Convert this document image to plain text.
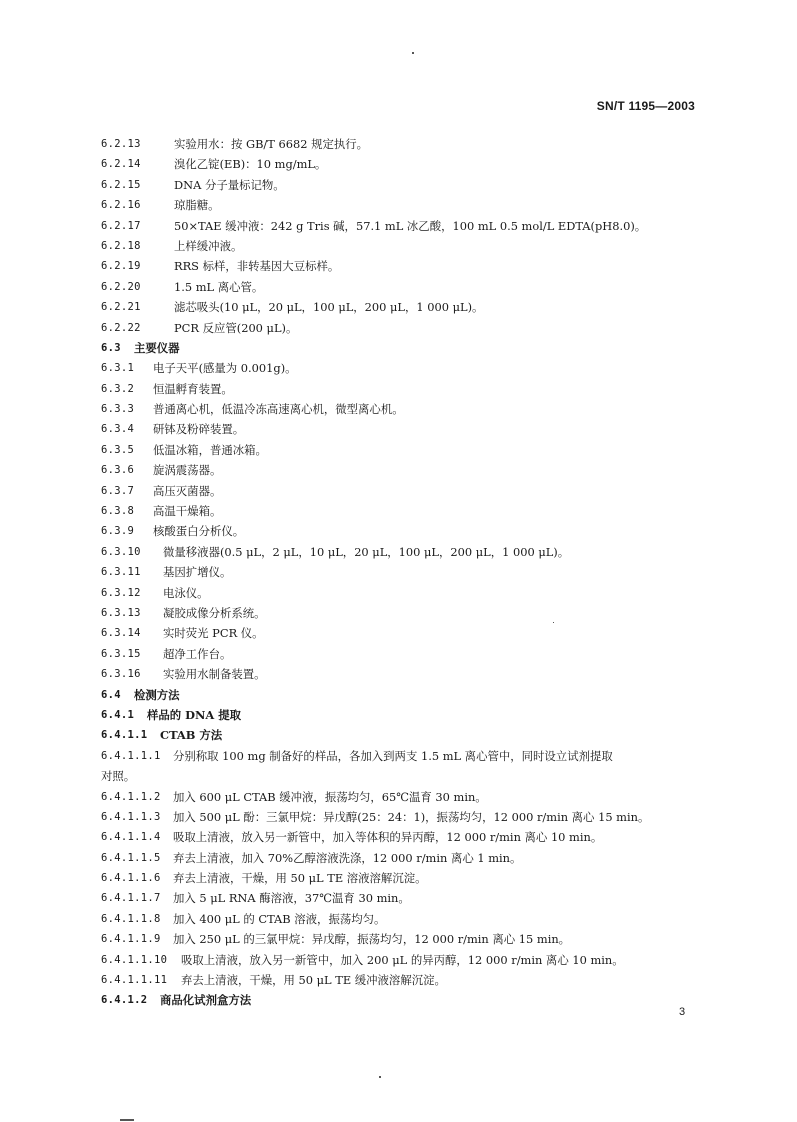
SN/T 1195—2003
6.2.13	实验用水：按 GB/T 6682 规定执行。
6.2.14	溴化乙锭(EB)：10 mg/mL。
6.2.15	DNA 分子量标记物。
6.2.16	琼脂糖。
6.2.17	50×TAE 缓冲液：242 g Tris 碱，57.1 mL 冰乙酸，100 mL 0.5 mol/L EDTA(pH8.0)。
6.2.18	上样缓冲液。
6.2.19	RRS 标样，非转基因大豆标样。
6.2.20	1.5 mL 离心管。
6.2.21	滤芯吸头(10 μL，20 μL，100 μL，200 μL，1 000 μL)。
6.2.22	PCR 反应管(200 μL)。
6.3	主要仪器
6.3.1	电子天平(感量为 0.001g)。
6.3.2	恒温孵育装置。
6.3.3	普通离心机，低温冷冻高速离心机，微型离心机。
6.3.4	研钵及粉碎装置。
6.3.5	低温冰箱，普通冰箱。
6.3.6	旋涡震荡器。
6.3.7	高压灭菌器。
6.3.8	高温干燥箱。
6.3.9	核酸蛋白分析仪。
6.3.10	微量移液器(0.5 μL，2 μL，10 μL，20 μL，100 μL，200 μL，1 000 μL)。
6.3.11	基因扩增仪。
6.3.12	电泳仪。
6.3.13	凝胶成像分析系统。
6.3.14	实时荧光 PCR 仪。
6.3.15	超净工作台。
6.3.16	实验用水制备装置。
6.4	检测方法
6.4.1	样品的 DNA 提取
6.4.1.1	CTAB 方法
6.4.1.1.1	分别称取 100 mg 制备好的样品，各加入到两支 1.5 mL 离心管中，同时设立试剂提取
对照。
6.4.1.1.2	加入 600 μL CTAB 缓冲液，振荡均匀，65℃温育 30 min。
6.4.1.1.3	加入 500 μL 酚：三氯甲烷：异戊醇(25：24：1)，振荡均匀，12 000 r/min 离心 15 min。
6.4.1.1.4	吸取上清液，放入另一新管中，加入等体积的异丙醇，12 000 r/min 离心 10 min。
6.4.1.1.5	弃去上清液，加入 70%乙醇溶液洗涤，12 000 r/min 离心 1 min。
6.4.1.1.6	弃去上清液，干燥，用 50 μL TE 溶液溶解沉淀。
6.4.1.1.7	加入 5 μL RNA 酶溶液，37℃温育 30 min。
6.4.1.1.8	加入 400 μL 的 CTAB 溶液，振荡均匀。
6.4.1.1.9	加入 250 μL 的三氯甲烷：异戊醇，振荡均匀，12 000 r/min 离心 15 min。
6.4.1.1.10	吸取上清液，放入另一新管中，加入 200 μL 的异丙醇，12 000 r/min 离心 10 min。
6.4.1.1.11	弃去上清液，干燥，用 50 μL TE 缓冲液溶解沉淀。
6.4.1.2	商品化试剂盒方法
3
